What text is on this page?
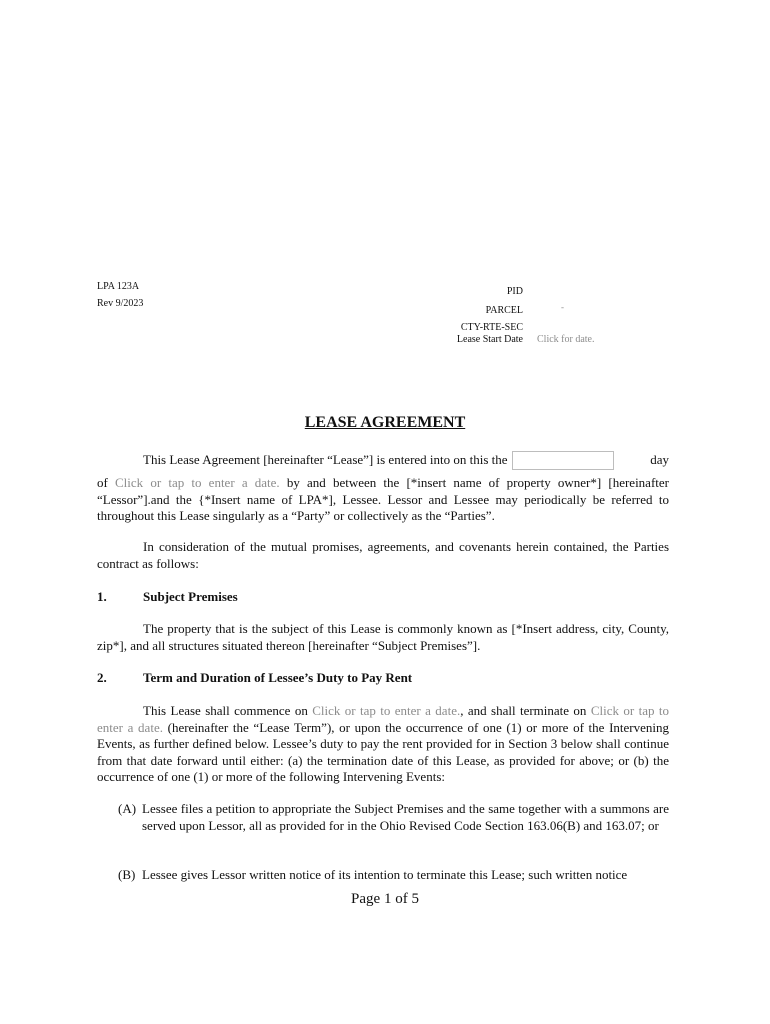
LPA 123A
Rev 9/2023
PID
PARCEL	-
CTY-RTE-SEC
Lease Start Date Click for date.
LEASE AGREEMENT
This Lease Agreement [hereinafter “Lease”] is entered into on this the	day
of Click or tap to enter a date. by and between the [*insert name of property owner*] [hereinafter “Lessor”].and the {*Insert name of LPA*], Lessee. Lessor and Lessee may periodically be referred to throughout this Lease singularly as a “Party” or collectively as the “Parties”.
In consideration of the mutual promises, agreements, and covenants herein contained, the Parties contract as follows:
1.	Subject Premises
The property that is the subject of this Lease is commonly known as [*Insert address, city, County, zip*], and all structures situated thereon [hereinafter “Subject Premises”].
2.	Term and Duration of Lessee’s Duty to Pay Rent
This Lease shall commence on Click or tap to enter a date., and shall terminate on Click or tap to enter a date. (hereinafter the “Lease Term”), or upon the occurrence of one (1) or more of the Intervening Events, as further defined below. Lessee’s duty to pay the rent provided for in Section 3 below shall continue from that date forward until either: (a) the termination date of this Lease, as provided for above; or (b) the occurrence of one (1) or more of the following Intervening Events:
(A) Lessee files a petition to appropriate the Subject Premises and the same together with a summons are served upon Lessor, all as provided for in the Ohio Revised Code Section 163.06(B) and 163.07; or
(B) Lessee gives Lessor written notice of its intention to terminate this Lease; such written notice
Page 1 of 5
